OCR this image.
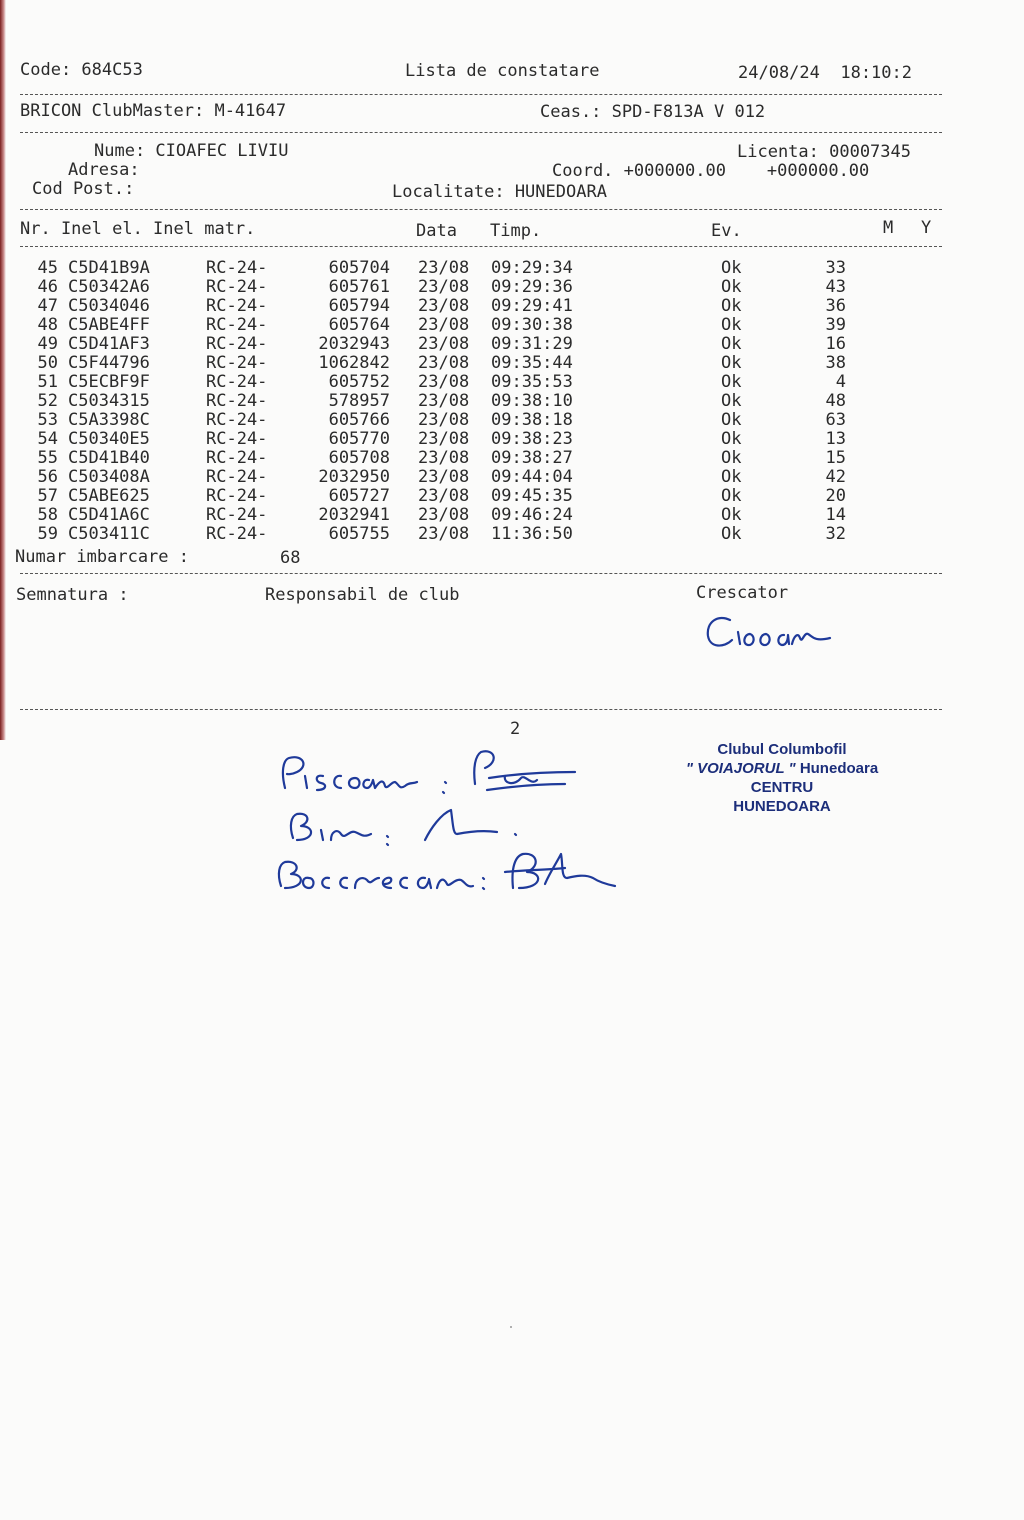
Code: 684C53	Lista de constatare	24/08/24  18:10:2
BRICON ClubMaster: M-41647	Ceas.: SPD-F813A V 012
Nume: CIOAFEC LIVIU	Licenta: 00007345
Adresa:	Coord. +000000.00    +000000.00
Cod Post.:	Localitate: HUNEDOARA
Nr. Inel el. Inel matr.	Data Timp.	Ev.	M Y
45 C5D41B9A	RC-24-	605704 23/08 09:29:34	Ok	33
46 C50342A6	RC-24-	605761 23/08 09:29:36	Ok	43
47 C5034046	RC-24-	605794 23/08 09:29:41	Ok	36
48 C5ABE4FF	RC-24-	605764 23/08 09:30:38	Ok	39
49 C5D41AF3	RC-24-	2032943 23/08 09:31:29	Ok	16
50 C5F44796	RC-24-	1062842 23/08 09:35:44	Ok	38
51 C5ECBF9F	RC-24-	605752 23/08 09:35:53	Ok	4
52 C5034315	RC-24-	578957 23/08 09:38:10	Ok	48
53 C5A3398C	RC-24-	605766 23/08 09:38:18	Ok	63
54 C50340E5	RC-24-	605770 23/08 09:38:23	Ok	13
55 C5D41B40	RC-24-	605708 23/08 09:38:27	Ok	15
56 C503408A	RC-24-	2032950 23/08 09:44:04	Ok	42
57 C5ABE625	RC-24-	605727 23/08 09:45:35	Ok	20
58 C5D41A6C	RC-24-	2032941 23/08 09:46:24	Ok	14
59 C503411C	RC-24-	605755 23/08 11:36:50	Ok	32
Numar imbarcare :	68
Semnatura :	Responsabil de club	Crescator
2
Clubul Columbofil
" VOIAJORUL " Hunedoara
CENTRU
HUNEDOARA
